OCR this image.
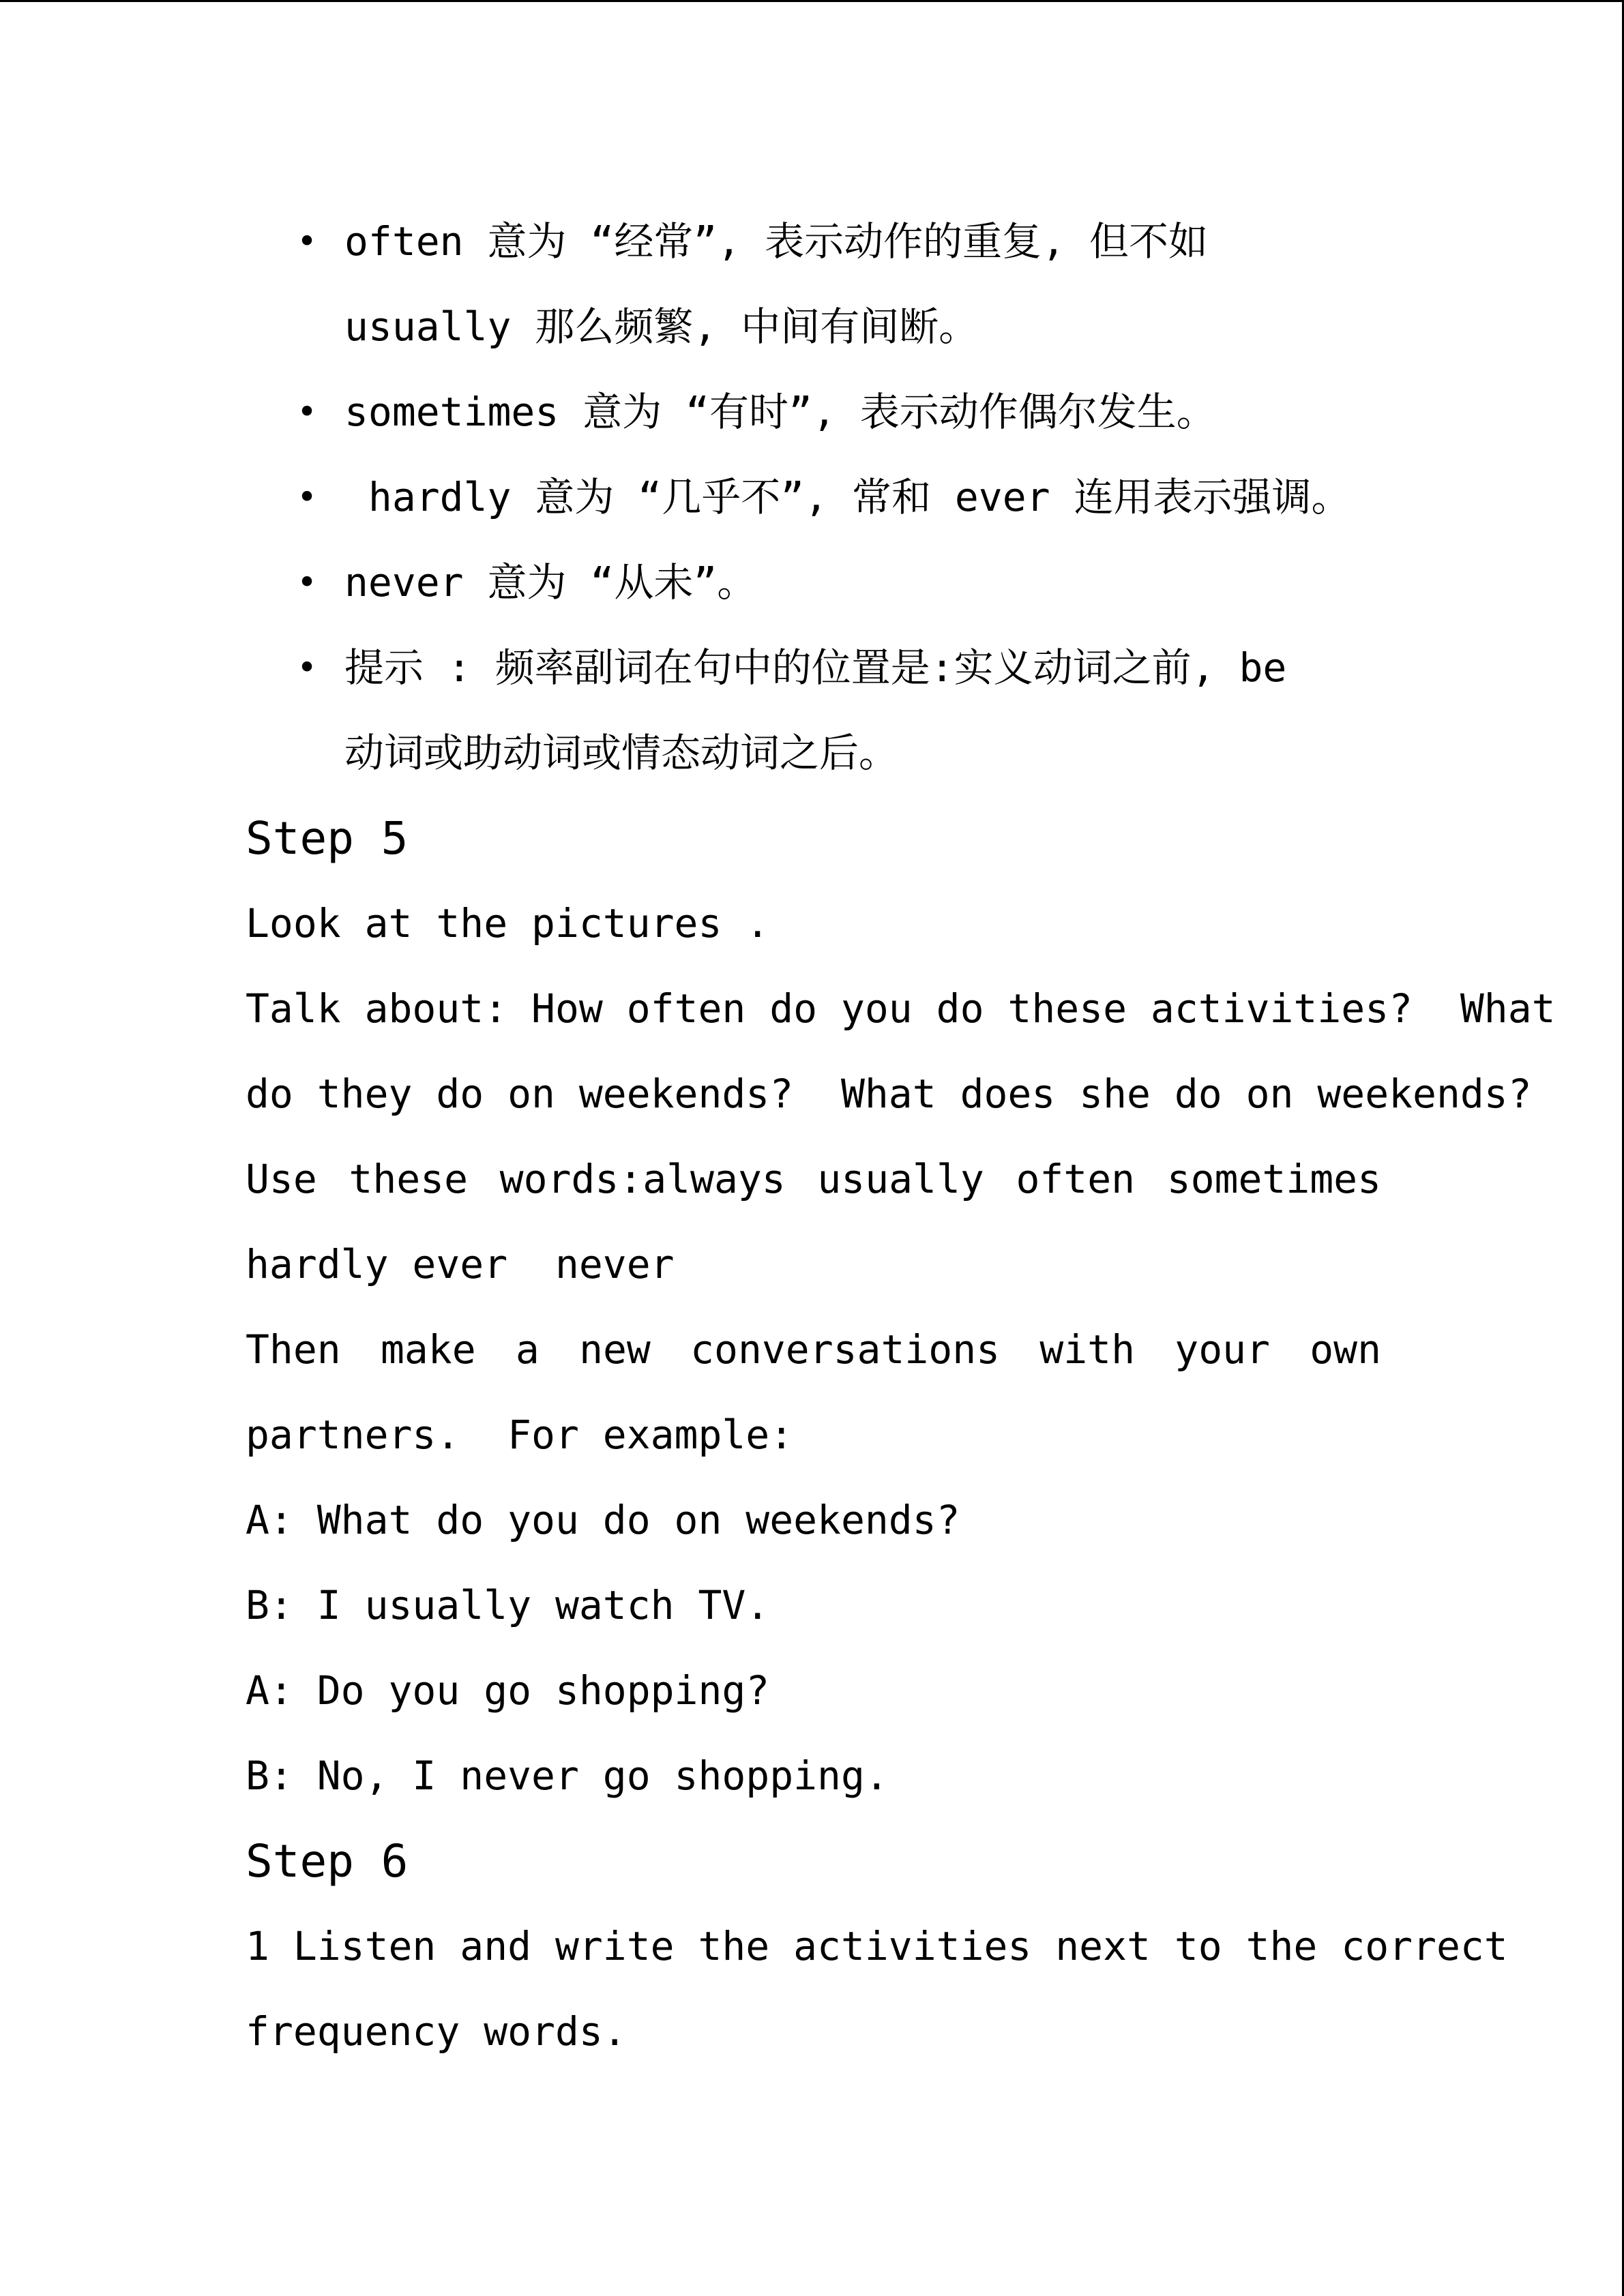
• often 意为 “经常”, 表示动作的重复, 但不如
usually 那么频繁, 中间有间断。
• sometimes 意为 “有时”, 表示动作偶尔发生。
• hardly 意为 “几乎不”, 常和 ever 连用表示强调。
• never 意为 “从未”。
• 提示 : 频率副词在句中的位置是:实义动词之前, be
动词或助动词或情态动词之后。
Step 5
Look at the pictures .
Talk about: How often do you do these activities?  What
do they do on weekends?  What does she do on weekends?
Use these words:always usually often sometimes
hardly ever  never
Then make a new conversations with your own
partners.  For example:
A: What do you do on weekends?
B: I usually watch TV.
A: Do you go shopping?
B: No, I never go shopping.
Step 6
1 Listen and write the activities next to the correct
frequency words.
